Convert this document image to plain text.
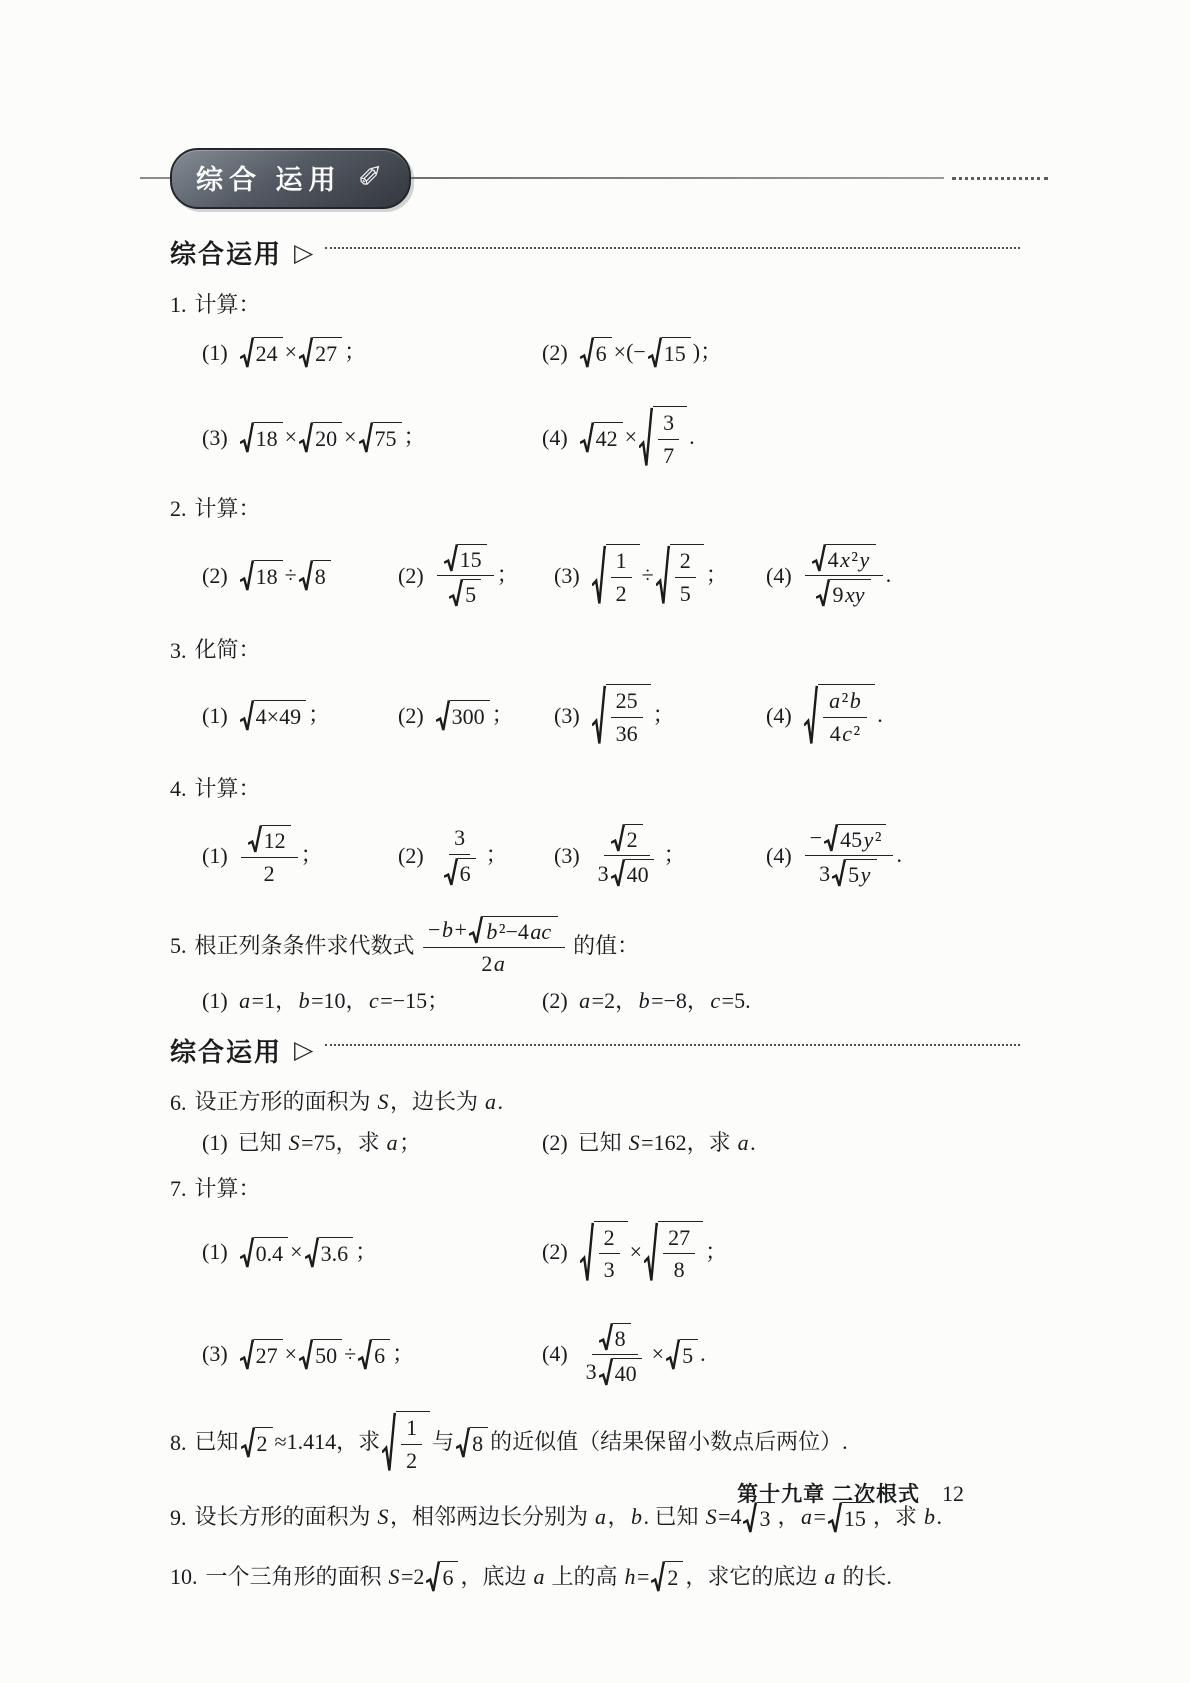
综合 运用 ✐
综合运用 ▷
1. 计算：
(1) 24 × 27 ；	(2) 6 ×(− 15 )；
(3) 18 × 20 × 75 ；	(4) $42 \times \frac{3}{7}$ .
2. 计算：
(2) 18 ÷ 8	$(2) \frac{15}{5}$ ； $(3) \frac{1}{2} \div \frac{2}{5}$ ； $(4) \frac{\text{4 x ² y}}{9 xy}$ .
3. 化简：
(1) 4×49 ；	(2) 300 ； $(3) \frac{25}{36}$ ；	$(4) \frac{\text{a ² b}}{\text{4 c ²}}$ .
4. 计算：
$(1) \frac{12}{2}$ ；	$(2) \frac{3}{6}$ ； $(3) \frac{2}{3 40}$ ；	$(4) \frac{\text{− 45 y ²}}{3 5 y}$ .
5. 根正列条条件求代数式 $\frac{\text{− b + b ²−4 ac}}{2 a}$ 的值：
(1) a =1， b =10， c =−15；	(2) a =2， b =−8， c =5.
综合运用 ▷
6. 设正方形的面积为 S ，边长为 a .
(1) 已知 S =75，求 a ；	(2) 已知 S =162，求 a .
7. 计算：
(1) 0.4 × 3.6 ；	$(2) \frac{2}{3} \times \frac{27}{8}$ ；
(3) 27 × 50 ÷ 6 ；	$(4) \frac{8}{3 40} \times 5$ .
8. 已知 2 ≈1.414，求 $\frac{1}{2}$ 与 8 的近似值（结果保留小数点后两位）.
9. 设长方形的面积为 S ，相邻两边长分别为 a ， b . 已知 S =4 3 ， a = 15 ，求 b .
10. 一个三角形的面积 S =2 6 ，底边 a 上的高 h = 2 ，求它的底边 a 的长.
第十九章 二次根式 12
